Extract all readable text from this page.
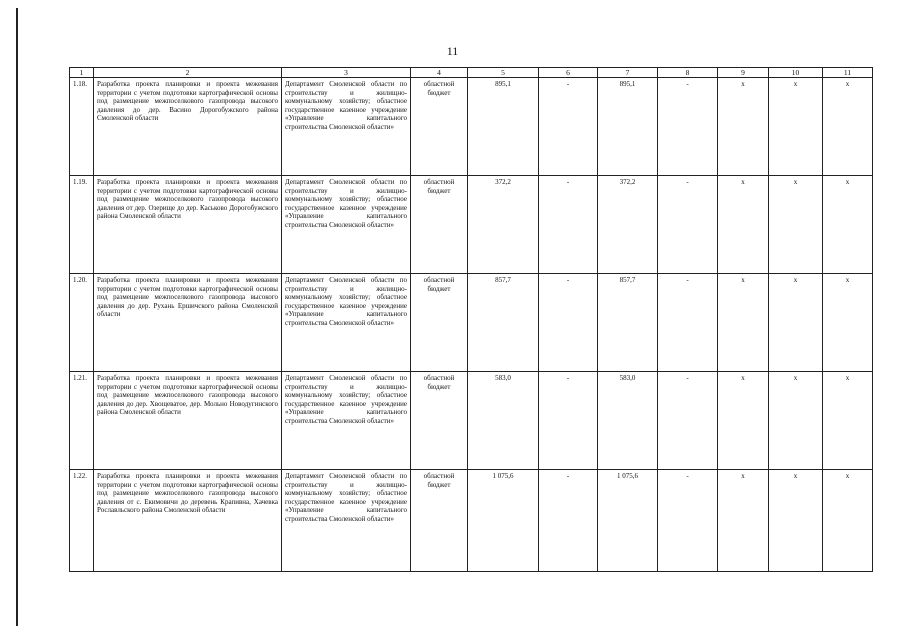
11
1	2	3	4	5	6	7	8	9	10	11
1.18.	Разработка проекта планировки и проекта межевания территории с учетом подготовки картографической основы под размещение межпоселкового газопровода высокого давления до дер. Васино Дорогобужского района Смоленской области	Департамент Смоленской области по строительству и жилищно-коммунальному хозяйству; областное государственное казенное учреждение «Управление капитального строительства Смоленской области»	областной бюджет	895,1	-	895,1	-	х	х	х
1.19.	Разработка проекта планировки и проекта межевания территории с учетом подготовки картографической основы под размещение межпоселкового газопровода высокого давления от дер. Озерище до дер. Каськово Дорогобужского района Смоленской области	Департамент Смоленской области по строительству и жилищно-коммунальному хозяйству; областное государственное казенное учреждение «Управление капитального строительства Смоленской области»	областной бюджет	372,2	-	372,2	-	х	х	х
1.20.	Разработка проекта планировки и проекта межевания территории с учетом подготовки картографической основы под размещение межпоселкового газопровода высокого давления до дер. Рухань Ершичского района Смоленской области	Департамент Смоленской области по строительству и жилищно-коммунальному хозяйству; областное государственное казенное учреждение «Управление капитального строительства Смоленской области»	областной бюджет	857,7	-	857,7	-	х	х	х
1.21.	Разработка проекта планировки и проекта межевания территории с учетом подготовки картографической основы под размещение межпоселкового газопровода высокого давления до дер. Хвощеватое, дер. Мольно Новодугинского района Смоленской области	Департамент Смоленской области по строительству и жилищно-коммунальному хозяйству; областное государственное казенное учреждение «Управление капитального строительства Смоленской области»	областной бюджет	583,0	-	583,0	-	х	х	х
1.22.	Разработка проекта планировки и проекта межевания территории с учетом подготовки картографической основы под размещение межпоселкового газопровода высокого давления от с. Екимовичи до деревень Крапивна, Хачевка Рославльского района Смоленской области	Департамент Смоленской области по строительству и жилищно-коммунальному хозяйству; областное государственное казенное учреждение «Управление капитального строительства Смоленской области»	областной бюджет	1 075,6	-	1 075,6	-	х	х	х
